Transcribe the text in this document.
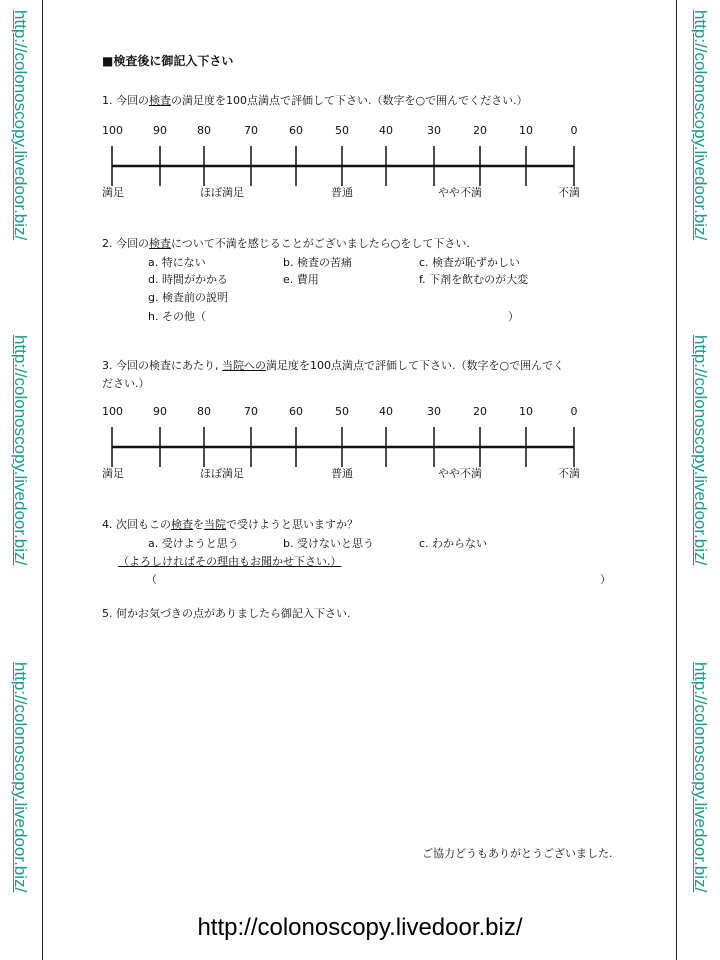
http://colonoscopy.livedoor.biz/
http://colonoscopy.livedoor.biz/
http://colonoscopy.livedoor.biz/
http://colonoscopy.livedoor.biz/
http://colonoscopy.livedoor.biz/
http://colonoscopy.livedoor.biz/
■検査後に御記入下さい
1. 今回の検査の満足度を100点満点で評価して下さい.（数字を○で囲んでください.）
100	90	80	70	60	50	40	30	20	10	0
満足	ほぼ満足	普通	やや不満	不満
2. 今回の検査について不満を感じることがございましたら○をして下さい.
a. 特にない	b. 検査の苦痛	c. 検査が恥ずかしい
d. 時間がかかる	e. 費用	f. 下剤を飲むのが大変
g. 検査前の説明
h. その他（	）
3. 今回の検査にあたり, 当院への満足度を100点満点で評価して下さい.（数字を○で囲んでく
ださい.）
100	90	80	70	60	50	40	30	20	10	0
満足	ほぼ満足	普通	やや不満	不満
4. 次回もこの検査を当院で受けようと思いますか？
a. 受けようと思う	b. 受けないと思う	c. わからない
（よろしければその理由もお聞かせ下さい.）
（	）
5. 何かお気づきの点がありましたら御記入下さい.
ご協力どうもありがとうございました.
http://colonoscopy.livedoor.biz/
